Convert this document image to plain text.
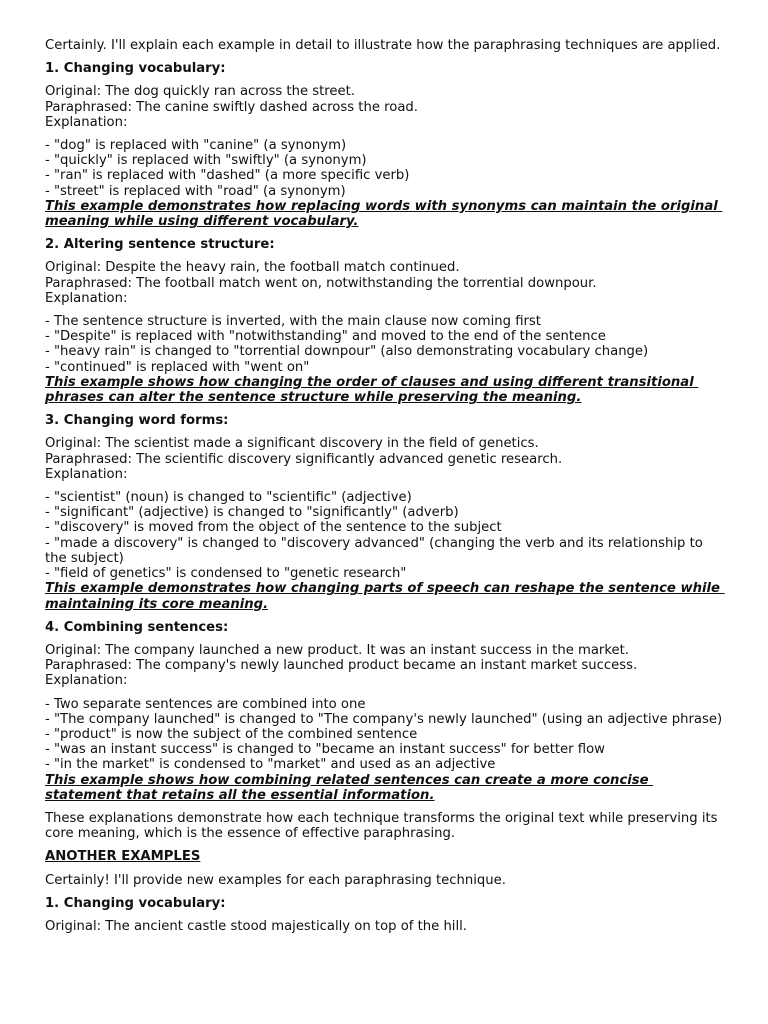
Certainly. I'll explain each example in detail to illustrate how the paraphrasing techniques are applied.

1. Changing vocabulary:

Original: The dog quickly ran across the street.
Paraphrased: The canine swiftly dashed across the road.
Explanation:

- "dog" is replaced with "canine" (a synonym)
- "quickly" is replaced with "swiftly" (a synonym)
- "ran" is replaced with "dashed" (a more specific verb)
- "street" is replaced with "road" (a synonym)

This example demonstrates how replacing words with synonyms can maintain the original meaning while using different vocabulary.

2. Altering sentence structure:

Original: Despite the heavy rain, the football match continued.
Paraphrased: The football match went on, notwithstanding the torrential downpour.
Explanation:

- The sentence structure is inverted, with the main clause now coming first
- "Despite" is replaced with "notwithstanding" and moved to the end of the sentence
- "heavy rain" is changed to "torrential downpour" (also demonstrating vocabulary change)
- "continued" is replaced with "went on"

This example shows how changing the order of clauses and using different transitional phrases can alter the sentence structure while preserving the meaning.

3. Changing word forms:

Original: The scientist made a significant discovery in the field of genetics.
Paraphrased: The scientific discovery significantly advanced genetic research.
Explanation:

- "scientist" (noun) is changed to "scientific" (adjective)
- "significant" (adjective) is changed to "significantly" (adverb)
- "discovery" is moved from the object of the sentence to the subject
- "made a discovery" is changed to "discovery advanced" (changing the verb and its relationship to the subject)
- "field of genetics" is condensed to "genetic research"

This example demonstrates how changing parts of speech can reshape the sentence while maintaining its core meaning.

4. Combining sentences:

Original: The company launched a new product. It was an instant success in the market.
Paraphrased: The company's newly launched product became an instant market success.
Explanation:

- Two separate sentences are combined into one
- "The company launched" is changed to "The company's newly launched" (using an adjective phrase)
- "product" is now the subject of the combined sentence
- "was an instant success" is changed to "became an instant success" for better flow
- "in the market" is condensed to "market" and used as an adjective

This example shows how combining related sentences can create a more concise statement that retains all the essential information.

These explanations demonstrate how each technique transforms the original text while preserving its core meaning, which is the essence of effective paraphrasing.

ANOTHER EXAMPLES

Certainly! I'll provide new examples for each paraphrasing technique.

1. Changing vocabulary:

Original: The ancient castle stood majestically on top of the hill.
